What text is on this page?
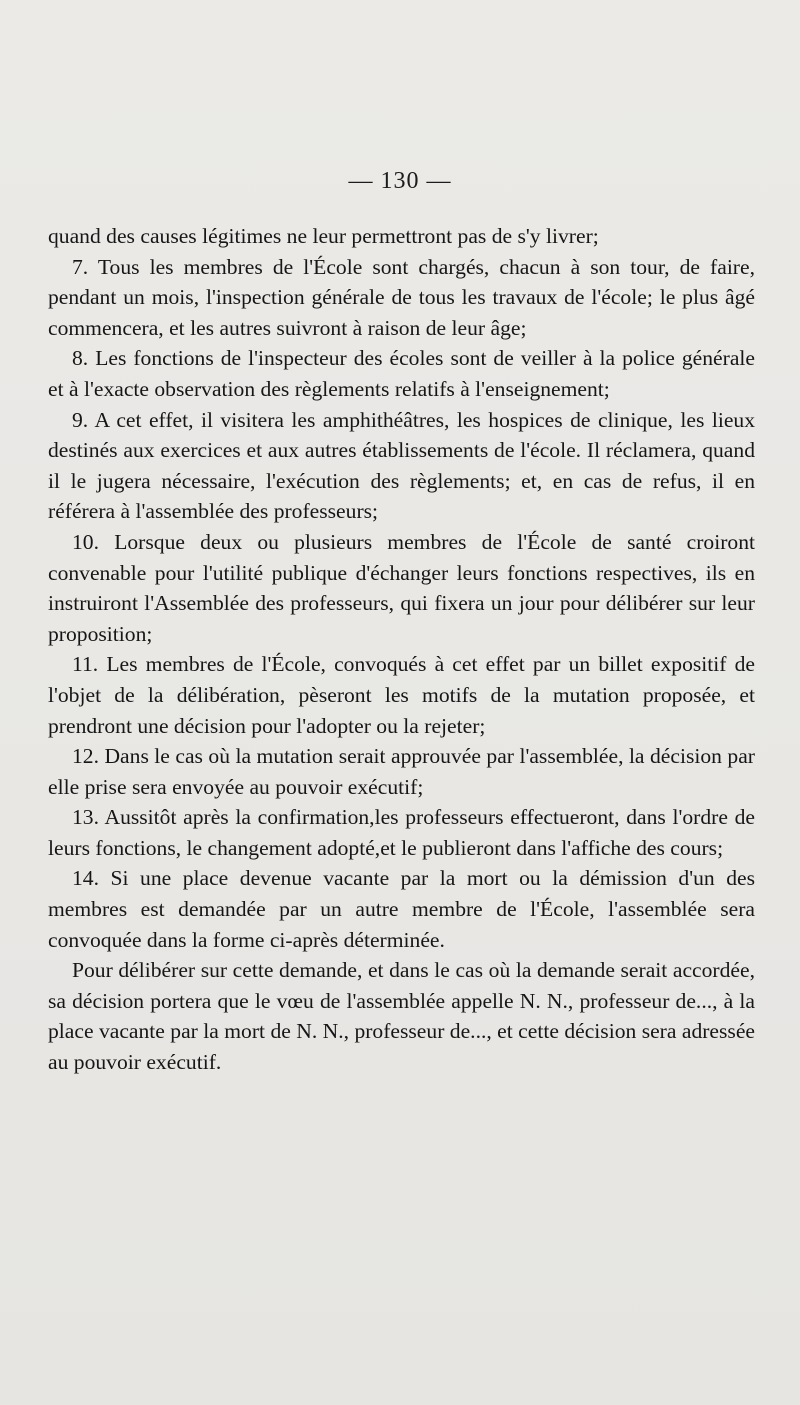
— 130 —

quand des causes légitimes ne leur permettront pas de s'y livrer;

7. Tous les membres de l'École sont chargés, chacun à son tour, de faire, pendant un mois, l'inspection générale de tous les travaux de l'école; le plus âgé commencera, et les autres suivront à raison de leur âge;

8. Les fonctions de l'inspecteur des écoles sont de veiller à la police générale et à l'exacte observation des règlements relatifs à l'enseignement;

9. A cet effet, il visitera les amphithéâtres, les hospices de clinique, les lieux destinés aux exercices et aux autres établissements de l'école. Il réclamera, quand il le jugera nécessaire, l'exécution des règlements; et, en cas de refus, il en référera à l'assemblée des professeurs;

10. Lorsque deux ou plusieurs membres de l'École de santé croiront convenable pour l'utilité publique d'échanger leurs fonctions respectives, ils en instruiront l'Assemblée des professeurs, qui fixera un jour pour délibérer sur leur proposition;

11. Les membres de l'École, convoqués à cet effet par un billet expositif de l'objet de la délibération, pèseront les motifs de la mutation proposée, et prendront une décision pour l'adopter ou la rejeter;

12. Dans le cas où la mutation serait approuvée par l'assemblée, la décision par elle prise sera envoyée au pouvoir exécutif;

13. Aussitôt après la confirmation,les professeurs effectueront, dans l'ordre de leurs fonctions, le changement adopté,et le publieront dans l'affiche des cours;

14. Si une place devenue vacante par la mort ou la démission d'un des membres est demandée par un autre membre de l'École, l'assemblée sera convoquée dans la forme ci-après déterminée.

Pour délibérer sur cette demande, et dans le cas où la demande serait accordée, sa décision portera que le vœu de l'assemblée appelle N. N., professeur de..., à la place vacante par la mort de N. N., professeur de..., et cette décision sera adressée au pouvoir exécutif.
